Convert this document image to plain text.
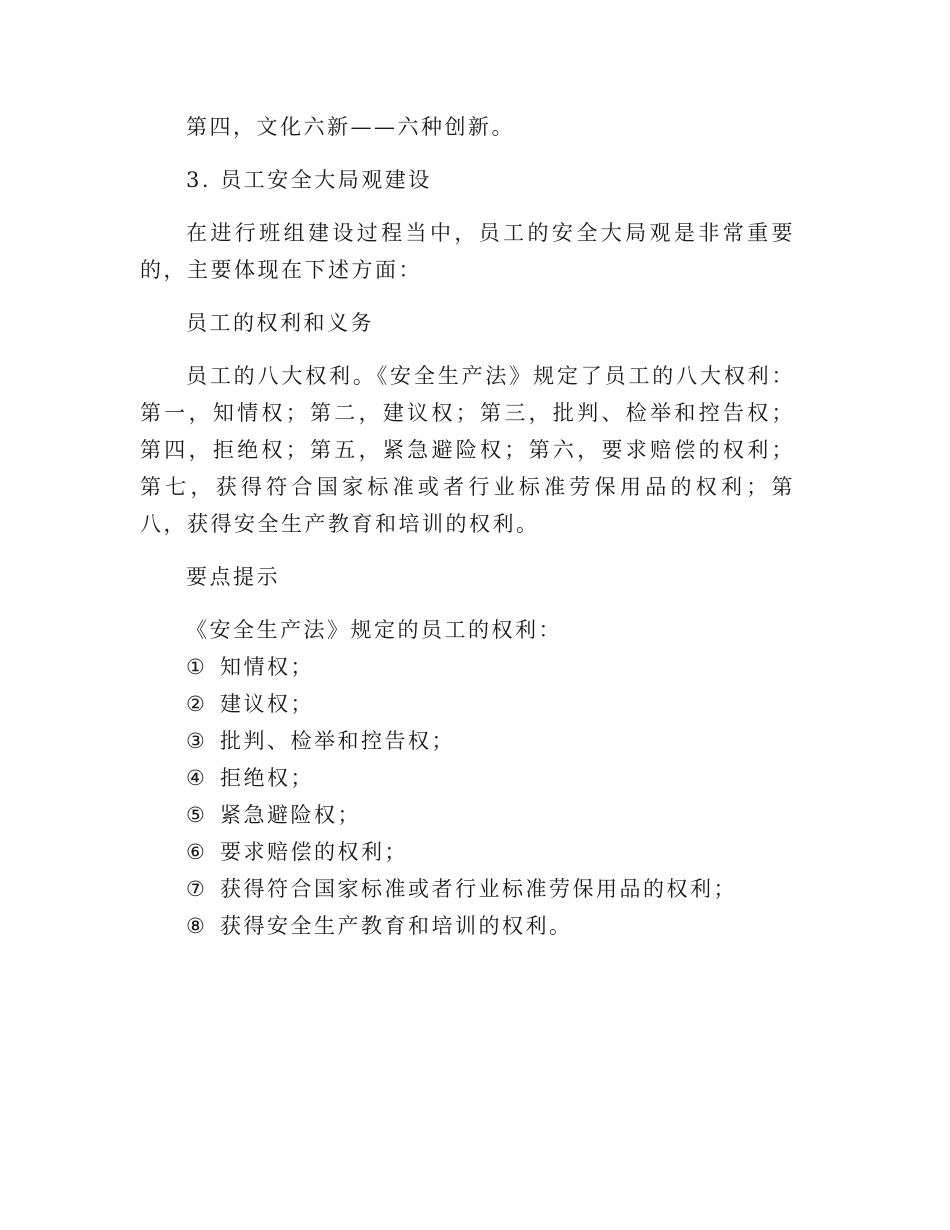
第四，文化六新——六种创新。

3. 员工安全大局观建设

在进行班组建设过程当中，员工的安全大局观是非常重要的，主要体现在下述方面：

员工的权利和义务

员工的八大权利。《安全生产法》规定了员工的八大权利：第一，知情权；第二，建议权；第三，批判、检举和控告权；第四，拒绝权；第五，紧急避险权；第六，要求赔偿的权利；第七，获得符合国家标准或者行业标准劳保用品的权利；第八，获得安全生产教育和培训的权利。

要点提示

《安全生产法》规定的员工的权利：

① 知情权；

② 建议权；

③ 批判、检举和控告权；

④ 拒绝权；

⑤ 紧急避险权；

⑥ 要求赔偿的权利；

⑦ 获得符合国家标准或者行业标准劳保用品的权利；

⑧ 获得安全生产教育和培训的权利。
